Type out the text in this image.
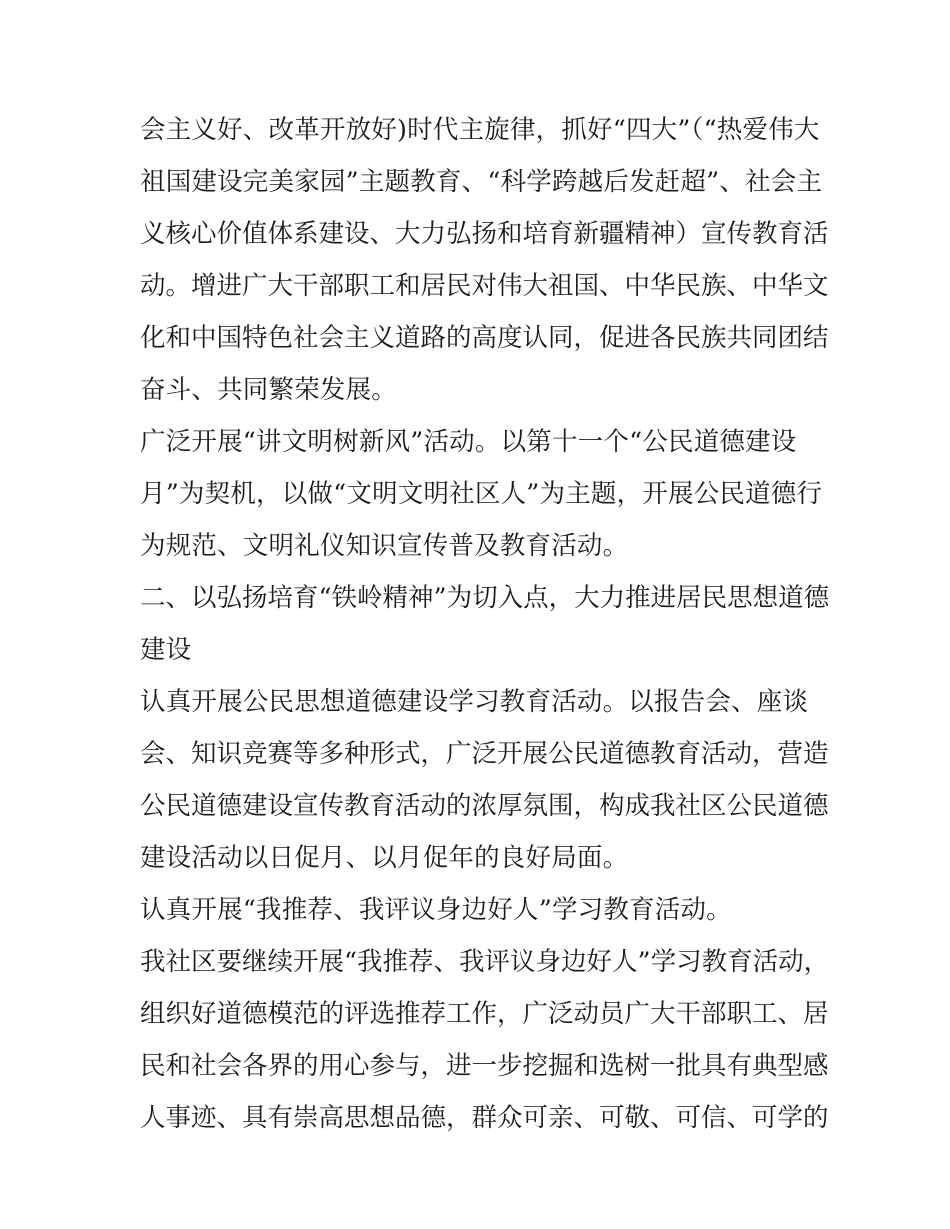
会主义好、改革开放好)时代主旋律，抓好“四大”（“热爱伟大
祖国建设完美家园”主题教育、“科学跨越后发赶超”、社会主
义核心价值体系建设、大力弘扬和培育新疆精神）宣传教育活
动。增进广大干部职工和居民对伟大祖国、中华民族、中华文
化和中国特色社会主义道路的高度认同，促进各民族共同团结
奋斗、共同繁荣发展。
广泛开展“讲文明树新风”活动。以第十一个“公民道德建设
月”为契机，以做“文明文明社区人”为主题，开展公民道德行
为规范、文明礼仪知识宣传普及教育活动。
二、以弘扬培育“铁岭精神”为切入点，大力推进居民思想道德
建设
认真开展公民思想道德建设学习教育活动。以报告会、座谈
会、知识竞赛等多种形式，广泛开展公民道德教育活动，营造
公民道德建设宣传教育活动的浓厚氛围，构成我社区公民道德
建设活动以日促月、以月促年的良好局面。
认真开展“我推荐、我评议身边好人”学习教育活动。
我社区要继续开展“我推荐、我评议身边好人”学习教育活动，
组织好道德模范的评选推荐工作，广泛动员广大干部职工、居
民和社会各界的用心参与，进一步挖掘和选树一批具有典型感
人事迹、具有崇高思想品德，群众可亲、可敬、可信、可学的
